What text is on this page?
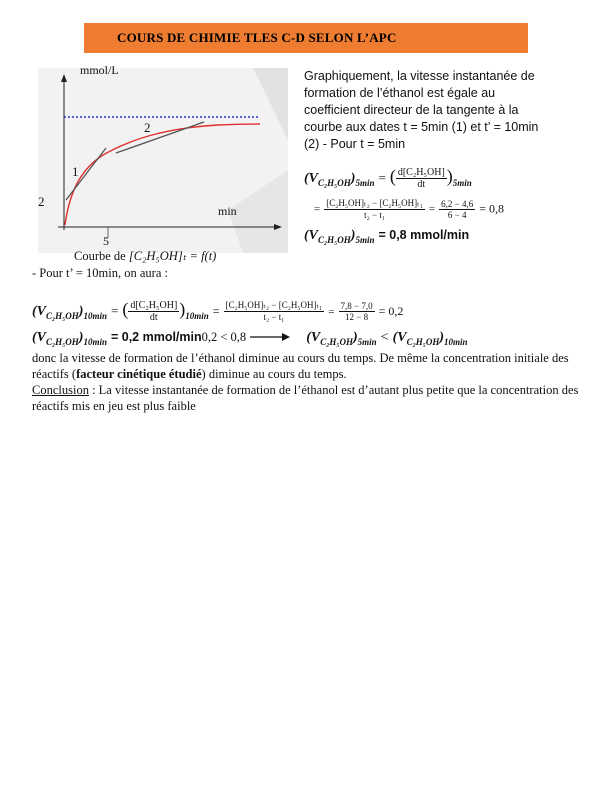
COURS DE CHIMIE TLES C-D SELON L’APC
mmol/L
min
1
2
2
5
Courbe de [C₂H₅OH]ₜ = f(t)
- Pour t’ = 10min, on aura :
Graphiquement, la vitesse instantanée de formation de l’éthanol est égale au coefficient directeur de la tangente à la courbe aux dates t = 5min (1) et t’ = 10min (2) - Pour t = 5min
$(V_{C_2H_5OH})_{5min}$ = ( $\frac{\text{d[C₂H₅OH]}}{dt} )_{5min}$
= $\frac{\text{[C₂H₅OH]ₜ₂ − [C₂H₅OH]ₜ₁}}{\text{t₂ − t₁}} = \frac{6,2 - 4,6}{6 - 4} = 0,8$
$(V_{C_2H_5OH})_{5min} = 0,8$ mmol/min
$(V_{C_2H_5OH})_{10min}$ = ( $\frac{\text{d[C₂H₅OH]}}{dt} )_{10min} = \frac{\text{[C₂H₅OH]ₜ₂ − [C₂H₅OH]ₜ₁}}{\text{t₂ − t₁}} = \frac{7,8 - 7,0}{12 - 8} = 0,2$
$(V_{C_2H_5OH})_{10min} = 0,2$ mmol/min0,2 < 0,8	$(V_{C_2H_5OH})_{5min} < (V_{C_2H_5OH})_{10min}$
donc la vitesse de formation de l’éthanol diminue au cours du temps. De même la concentration initiale des réactifs (facteur cinétique étudié) diminue au cours du temps.
Conclusion : La vitesse instantanée de formation de l’éthanol est d’autant plus petite que la concentration des réactifs mis en jeu est plus faible
